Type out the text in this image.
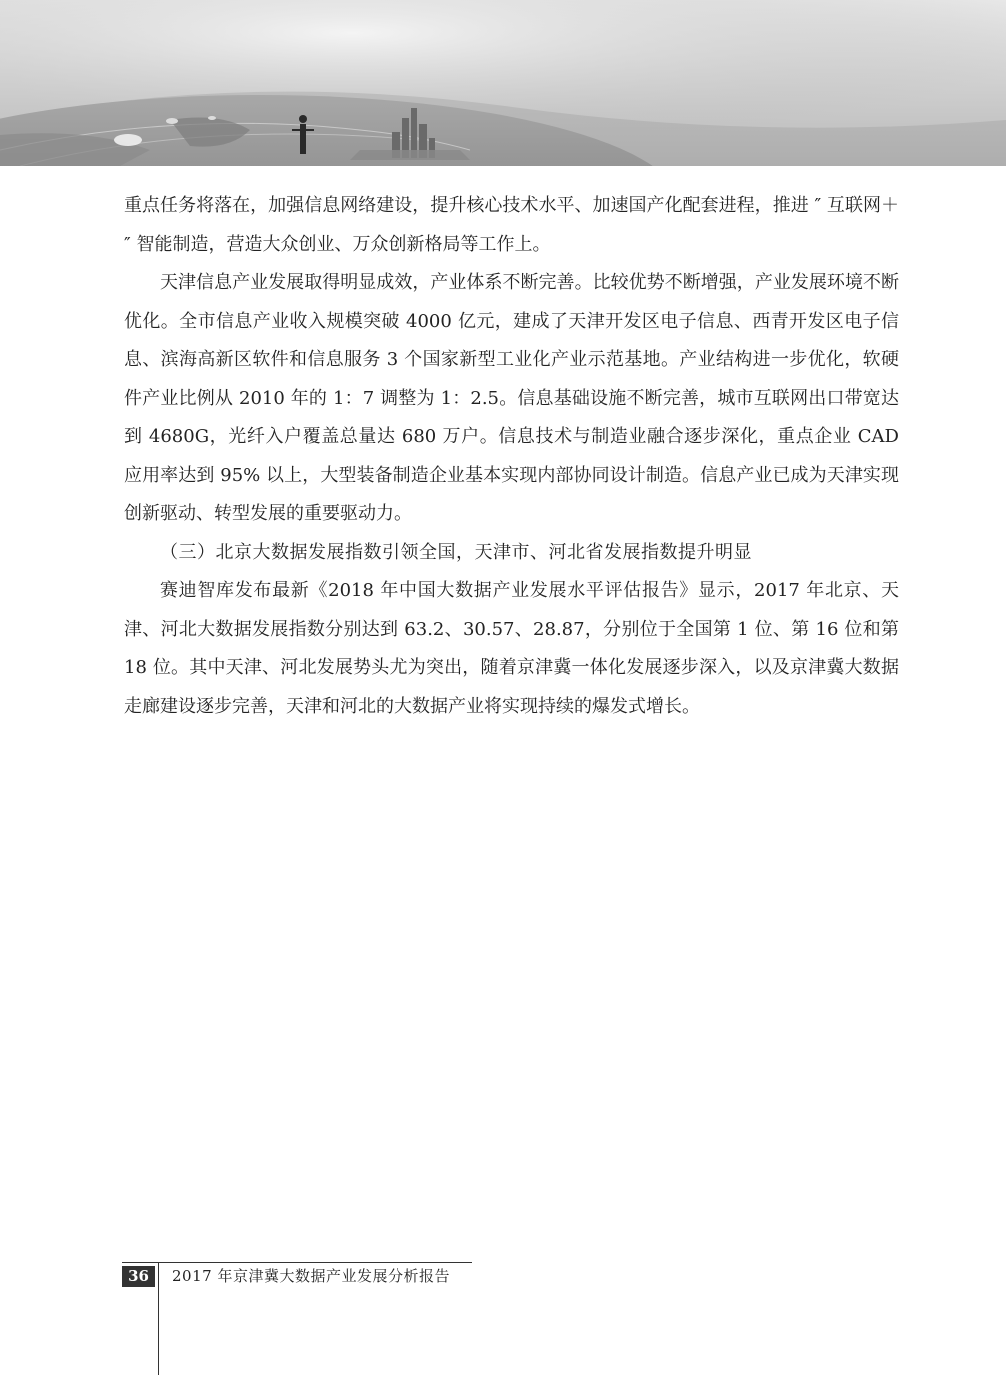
重点任务将落在，加强信息网络建设，提升核心技术水平、加速国产化配套进程，推进 ″ 互联网＋ ″ 智能制造，营造大众创业、万众创新格局等工作上。

天津信息产业发展取得明显成效，产业体系不断完善。比较优势不断增强，产业发展环境不断优化。全市信息产业收入规模突破 4000 亿元，建成了天津开发区电子信息、西青开发区电子信息、滨海高新区软件和信息服务 3 个国家新型工业化产业示范基地。产业结构进一步优化，软硬件产业比例从 2010 年的 1：7 调整为 1：2.5。信息基础设施不断完善，城市互联网出口带宽达到 4680G，光纤入户覆盖总量达 680 万户。信息技术与制造业融合逐步深化，重点企业 CAD 应用率达到 95% 以上，大型装备制造企业基本实现内部协同设计制造。信息产业已成为天津实现创新驱动、转型发展的重要驱动力。

（三）北京大数据发展指数引领全国，天津市、河北省发展指数提升明显

赛迪智库发布最新《2018 年中国大数据产业发展水平评估报告》显示，2017 年北京、天津、河北大数据发展指数分别达到 63.2、30.57、28.87，分别位于全国第 1 位、第 16 位和第 18 位。其中天津、河北发展势头尤为突出，随着京津冀一体化发展逐步深入，以及京津冀大数据走廊建设逐步完善，天津和河北的大数据产业将实现持续的爆发式增长。

36	2017 年京津冀大数据产业发展分析报告
